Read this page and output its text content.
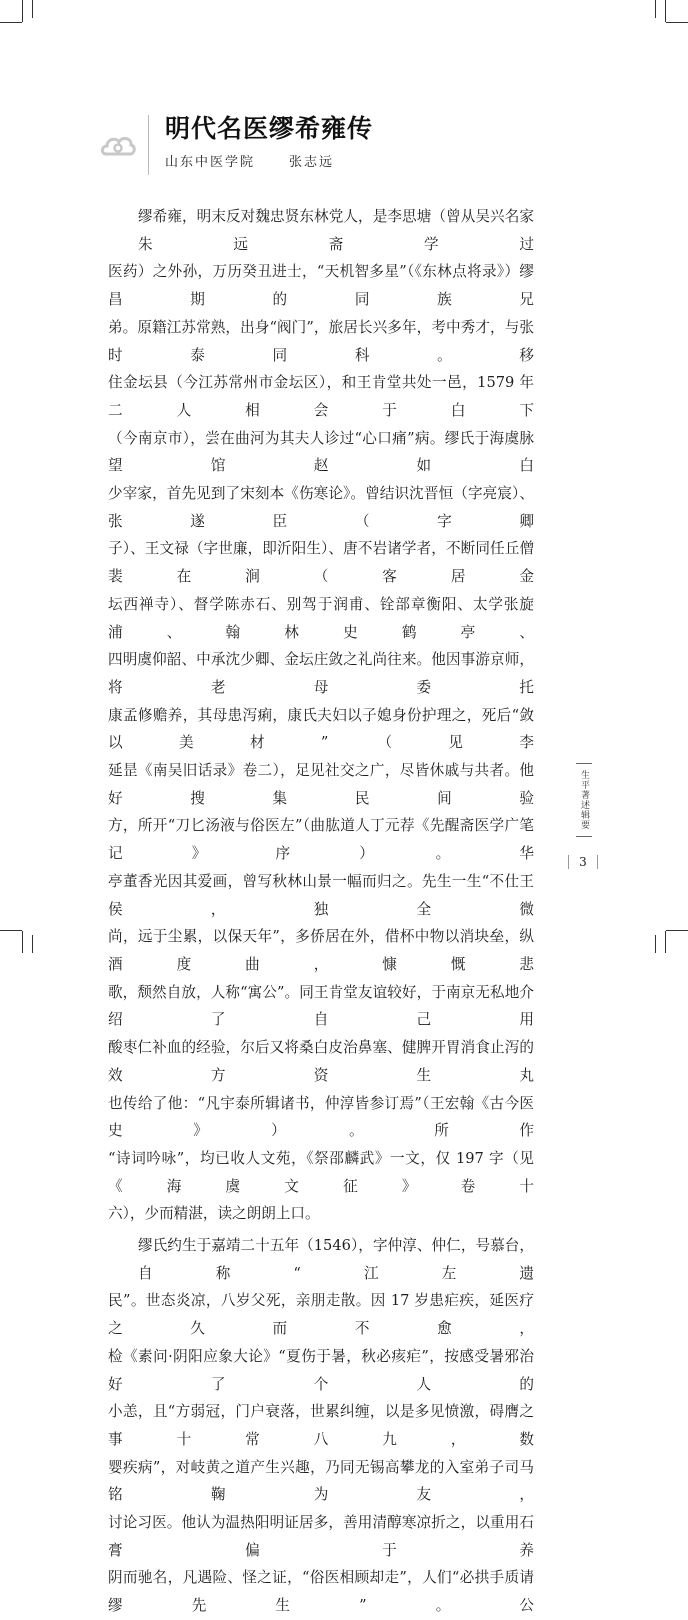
明代名医缪希雍传
山东中医学院	张志远
缪希雍，明末反对魏忠贤东林党人，是李思塘（曾从吴兴名家朱远斋学过
医药）之外孙，万历癸丑进士，“天机智多星”（《东林点将录》）缪昌期的同族兄
弟。原籍江苏常熟，出身“阀门”，旅居长兴多年，考中秀才，与张时泰同科。移
住金坛县（今江苏常州市金坛区），和王肯堂共处一邑，1579 年二人相会于白下
（今南京市），尝在曲河为其夫人诊过“心口痛”病。缪氏于海虞脉望馆赵如白
少宰家，首先见到了宋刻本《伤寒论》。曾结识沈晋恒（字亮宸）、张遂臣（字卿
子）、王文禄（字世廉，即沂阳生）、唐不岩诸学者，不断同任丘僧裴在涧（客居金
坛西禅寺）、督学陈赤石、别驾于润甫、铨部章衡阳、太学张旋浦、翰林史鹤亭、
四明虞仰韶、中承沈少卿、金坛庄敛之礼尚往来。他因事游京师，将老母委托
康孟修赡养，其母患泻痢，康氏夫妇以子媳身份护理之，死后“敛以美材”（见李
延昰《南吴旧话录》卷二），足见社交之广，尽皆休戚与共者。他好搜集民间验
方，所开“刀匕汤液与俗医左”（曲肱道人丁元荐《先醒斋医学广笔记》序）。华
亭董香光因其爱画，曾写秋林山景一幅而归之。先生一生“不仕王侯，独全微
尚，远于尘累，以保天年”，多侨居在外，借杯中物以消块垒，纵酒度曲，慷慨悲
歌，颓然自放，人称“寓公”。同王肯堂友谊较好，于南京无私地介绍了自己用
酸枣仁补血的经验，尔后又将桑白皮治鼻塞、健脾开胃消食止泻的效方资生丸
也传给了他：“凡宇泰所辑诸书，仲淳皆参订焉”（王宏翰《古今医史》）。所作
“诗词吟咏”，均已收人文苑，《祭邵麟武》一文，仅 197 字（见《海虞文征》卷十
六），少而精湛，读之朗朗上口。
缪氏约生于嘉靖二十五年（1546），字仲淳、仲仁，号慕台，自称“江左遗
民”。世态炎凉，八岁父死，亲朋走散。因 17 岁患疟疾，延医疗之久而不愈，
检《素问·阴阳应象大论》“夏伤于暑，秋必痎疟”，按感受暑邪治好了个人的
小恙，且“方弱冠，门户衰落，世累纠缠，以是多见愤激，碍膺之事十常八九，数
婴疾病”，对岐黄之道产生兴趣，乃同无锡高攀龙的入室弟子司马铭鞠为友，
讨论习医。他认为温热阳明证居多，善用清醇寒凉折之，以重用石膏偏于养
阴而驰名，凡遇险、怪之证，“俗医相顾却走”，人们“必拱手质请缪先生”。公
生平著述辑要
3
